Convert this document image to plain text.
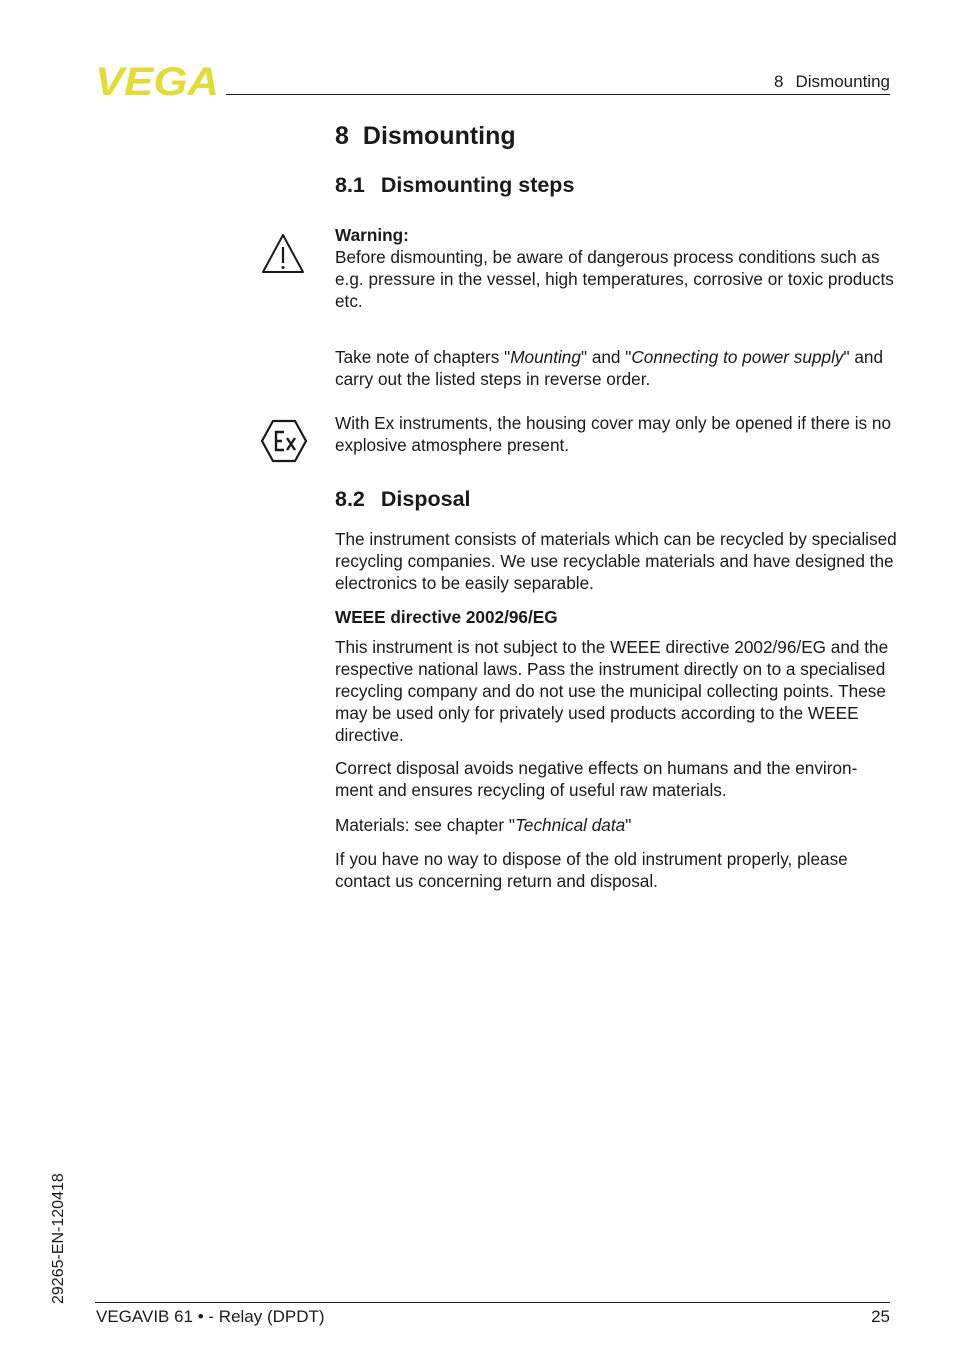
VEGA	8 Dismounting
8 Dismounting
8.1 Dismounting steps

Warning:

Before dismounting, be aware of dangerous process conditions such as e.g. pressure in the vessel, high temperatures, corrosive or toxic products etc.

Take note of chapters "Mounting" and "Connecting to power supply" and carry out the listed steps in reverse order.

With Ex instruments, the housing cover may only be opened if there is no explosive atmosphere present.

8.2 Disposal

The instrument consists of materials which can be recycled by specialised recycling companies. We use recyclable materials and have designed the electronics to be easily separable.

WEEE directive 2002/96/EG

This instrument is not subject to the WEEE directive 2002/96/EG and the respective national laws. Pass the instrument directly on to a specialised recycling company and do not use the municipal collecting points. These may be used only for privately used products according to the WEEE directive.

Correct disposal avoids negative effects on humans and the environ-
ment and ensures recycling of useful raw materials.

Materials: see chapter "Technical data"

If you have no way to dispose of the old instrument properly, please contact us concerning return and disposal.

29265-EN-120418
VEGAVIB 61 • - Relay (DPDT)	25
